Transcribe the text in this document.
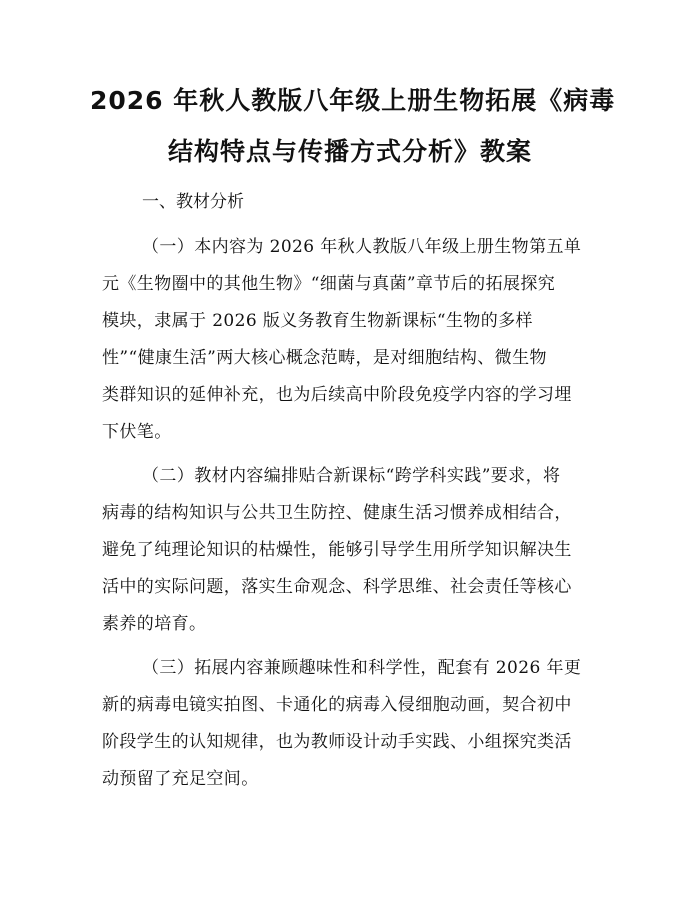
2026 年秋人教版八年级上册生物拓展《病毒
结构特点与传播方式分析》教案
一、教材分析
（一）本内容为 2026 年秋人教版八年级上册生物第五单
元《生物圈中的其他生物》“细菌与真菌”章节后的拓展探究
模块，隶属于 2026 版义务教育生物新课标“生物的多样
性”“健康生活”两大核心概念范畴，是对细胞结构、微生物
类群知识的延伸补充，也为后续高中阶段免疫学内容的学习埋
下伏笔。
（二）教材内容编排贴合新课标“跨学科实践”要求，将
病毒的结构知识与公共卫生防控、健康生活习惯养成相结合，
避免了纯理论知识的枯燥性，能够引导学生用所学知识解决生
活中的实际问题，落实生命观念、科学思维、社会责任等核心
素养的培育。
（三）拓展内容兼顾趣味性和科学性，配套有 2026 年更
新的病毒电镜实拍图、卡通化的病毒入侵细胞动画，契合初中
阶段学生的认知规律，也为教师设计动手实践、小组探究类活
动预留了充足空间。
